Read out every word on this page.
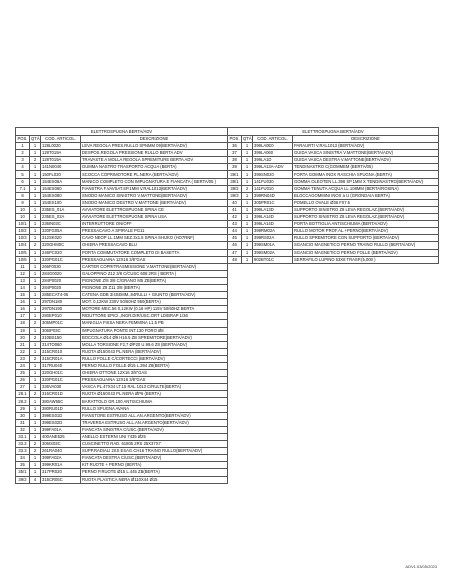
ELETTROSPUGNA BERTA/ADV			
POS.	QTÀ	COD. ARTICOL.	DESCRIZIONE
1	1	128L0020	LEVA REGOLA PRES.RULLO SPNMM 09(BERTA/ADV)
2	1	128T019A	DESPOS.REGOLA PRESSIONE RULLO BERTA ADV
3	2	128T019A	TRAVASTE A MOLLA REGOLA SPREMITURE BERTA ADV
4	1	141N0040	GUMMA NASTRO TRASPORTO ACQUA (BERTA)
5	1	150FL020	SCOCCA COPRIMOTORE PL.NERA (BERTA/ADV)
6	1	154ES06A	MANICO COMPLETO CON IMPUGNATURA E FIANCATA ( BERTA/05 )
7.1	1	154ES060	FIANSTRA F.VAVSAT.SP.1MM V.RAL1013(BERTA/ADV)
8	1	154ES080	SNODO MANICO SINISTRO V.MATTONE(BERTA/ADV)
9	1	154ES100	SNODO MANICO DESTRO V.MATTONE (BERTA/ADV)
10	1	235ES_01A	AVVIATORE ELETTROSPUGNE SPINA CE
10	1	235ES_02A	AVVIATORE ELETTROSPUGNE SPINA USA
10/1	1	236IN03C	INTERRUTTORE ON/OFF
10/2	1	320FG05A	PRESSACAVO A SPIRALE PG11
10/3	1	312SK020	CAVO NEOP LL.1MM SEZ.3x1.5 SPINA SHUKO (HO7RNF)
10/4	2	320GHM0C	GHIERA PRESSACAVO BLU
10/5	1	246PC020	PORTA COMMUTATORE COMPLETO DI BASETTA
10/6	1	320PG01C	PRESSAGUAINA 12X16 3/8"GAS
11	1	266F0030	CARTER COPRITRASMISSIONE V.MATTONE(BERTA/ADV)
12	1	284G0020	GALOPPINO Z12 3/8 C/CUSC 608 2RS ( BERTA )
13	1	284P0020	PIGNONE Z/8 3/8 C/GRANO M5 ZB(BERTA)
14	1	284P0020	PIGNONE Z8 Z11 3/8 (BERTA)
15	1	285ECAT4-05	CATENA GDB 3/4SEMM.,84RULLI + GIUNTO (BERTA/ADV)
16	1	297DN180	MOT. 0,12KW 230V 50/60HZ 950(BERTA)
16	1	297DN190	MOTORE MEC.56 0,12KW (0,16 HP) 115V 50/60HZ BERTA
17	1	280EP010	RIDUTTORE EPICI.,INGR.DIR/USC.ORT LD/BRAP 1/36
18	2	305MP01C	MANIGLIA FISSA NERA FEMMINA L1.5 PB
19	1	306IP03C	IMPUGNATURA PONTE INT.130 FORO Ø8
20	2	310BS150	BOCCOLA Ø14 Ø9 H16.5 ZB SPREMITORE(BERTA/ADV)
21	1	314TO060	MOLLA TORSIONE F2,7 ØP20 U.99.6 Z8 (BERTA/ADV)
22	1	315CR010	RUOTA Ø150X43 PL.NERA (BERTA/ADV)
23	2	315CR01A	RULLO FOLLE C/CORTECCI (BERTA/ADV)
24	1	317RU040	PERNO RULLO FOLLE Ø15 L.394 Z8(BERTA)
25	1	320GH01C	GHIERA OTTONE 12X16 3/8"GAS
26	1	320PG01C	PRESSAGUAINA 12X16 3/8"GAS
27	1	336VA030	VASCA PL.47X34 LT.15 RAL 1013 C/RULTE(BERTA)
28.1	2	315CR01D	RUOTA Ø150X43 PL.NERA ØP6 (BERTA)
28.2	1	380AW55C	BARATTOLO GR.100 ANTISCHIUMA
29	1	380RU01D	RULLO SPUGNA AVANA
30	1	399ES01D	FIANSTORE ESTRUSO ALL.AN.ARGENTO(BERTA/ADV)
31	1	399ES02D	TRAVERSA ESTRUSO ALL.AN.ARGENTO(BERTA/ADV)
32	1	399FA01A	FIANCATA SINISTRA C/USC.(BERTA/ADV)
33.1	1	400ANE525	ANELLO ESTERNI UNI 7435 Ø25
33.2	2	306IS03C	CUSCINETTO RAD. 61805 2RS 25X37X7
33.3	2	261RA040	SUPP.RADIALI 2SS ESAG.CH16 TRAINO RULLO(BERTA/ADV)
34	1	399FA02A	FIANCATA DESTRA C/USC.(BERTA/ADV)
35	1	399KR01A	KIT RUOTE + PERNO (BERTA)
35/1	1	317PR020	PERNO P.RUOTE Ø15 L.445 ZB(BERTA)
39/2	4	315CR05C	RUOTA PLASTICA NERA Ø110X44 Ø15
ELETTROSPUGNA BERTA/ADV			
POS.	QTÀ	COD. ARTICOL.	DESCRIZIONE
36	1	399LA0E0	PARAURTI V.RAL1013 (BERTA/ADV)
37	1	399LA060	GUIDA VASCA SINISTRA V.MATTONE(BERTA/ADV)
38	1	399LA1D	GUIDA VASCA DESTRA V.MATTONE(BERTA/ADV)
39	1	399LA13A-ADV	TENDINASTRO C(GOMMEM (BERTA/05)
39/1	1	399SN020	FORTA GOMMA INOX RASCHIA SPUGNA (BERTA)
39/1	1	141FU030	GOMMA OLEOTEN LL.398 SP.1MM X TENDINASTRO(BERTA/ADV)
39/2	2	141FU010	GOMMA TENUTA ACQUA LL.108MM (BERTA/ROSINA)
39/3	1	399RN04D	BLOCCAGOMMINI INOX a U (GRONDAIA BERTA)
40	1	305PR01C	POMELLO OVALE Ø36 F07.5
41	1	399LA13D	SUPPORTO SINISTRO Z8 LEVA REGOLAZ.(BERTA/ADV)
42	1	399LA14D	SUPPORTO SINISTRO Z8 LEVA REGOLAZ.(BERTA/ADV)
43	1	399LA14D	PORTA BOTTIGLIA ANTISCHIUMA (BERTA/ADV)
44	1	399RM02A	RULLO MOTOR PROF.AL.+PERNO(BERTA/ADV)
45	1	399RS02A	RULLO SPREMITORE CON SUPPORTO (BERTA/ADV)
46	1	399SM01A	SGANCIO MAGNETICO PERNO TRAINO RULLO (BERTA/ADV)
47	1	399SM02A	SGANCIO MAGNETICO PERNO FOLLE (BERTA/ADV)
48	1	902BT01C	SERRAFILO LUPINO 53X8 TRASP.(5,000 )
ADV1.03/05/2023
